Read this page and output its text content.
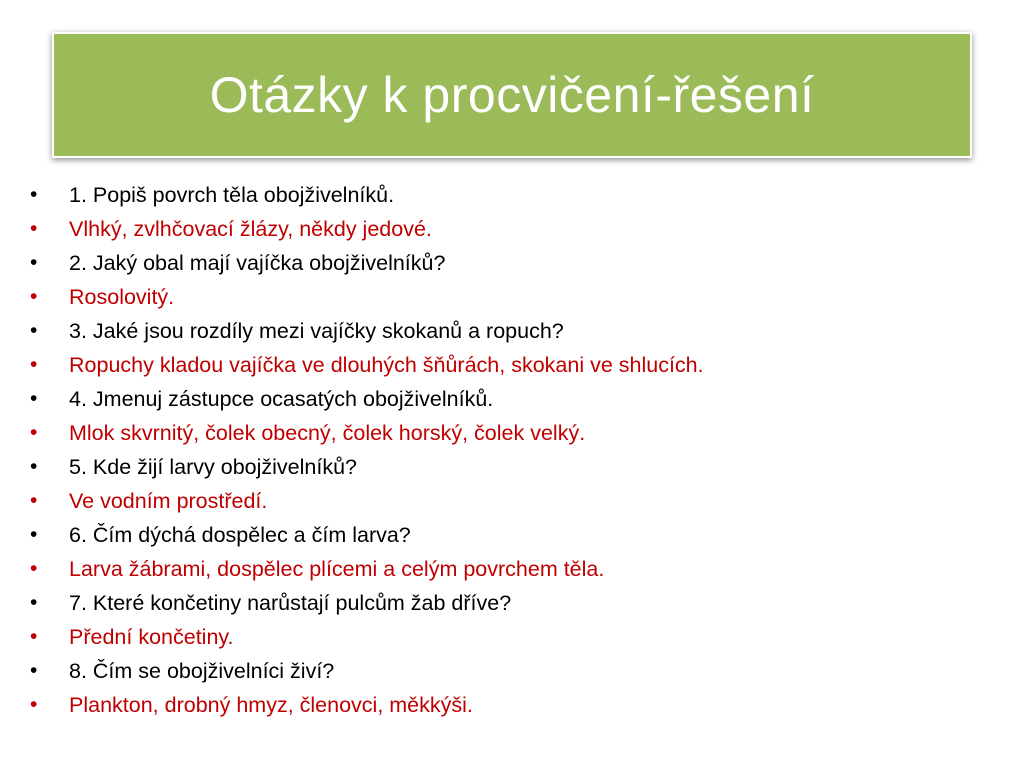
Otázky k procvičení-řešení
•	1. Popiš povrch těla obojživelníků.
•	Vlhký, zvlhčovací žlázy, někdy jedové.
•	2. Jaký obal mají vajíčka obojživelníků?
•	Rosolovitý.
•	3. Jaké jsou rozdíly mezi vajíčky skokanů a ropuch?
•	Ropuchy kladou vajíčka ve dlouhých šňůrách, skokani ve shlucích.
•	4. Jmenuj zástupce ocasatých obojživelníků.
•	Mlok skvrnitý, čolek obecný, čolek horský, čolek velký.
•	5. Kde žijí larvy obojživelníků?
•	Ve vodním prostředí.
•	6. Čím dýchá dospělec a čím larva?
•	Larva žábrami, dospělec plícemi a celým povrchem těla.
•	7. Které končetiny narůstají pulcům žab dříve?
•	Přední končetiny.
•	8. Čím se obojživelníci živí?
•	Plankton, drobný hmyz, členovci, měkkýši.
